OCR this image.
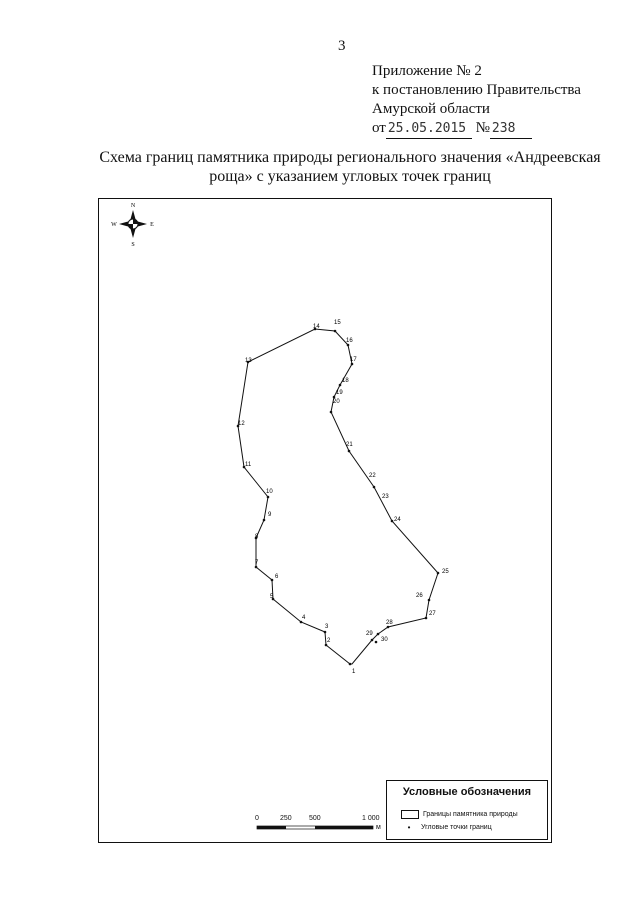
3
Приложение № 2
к постановлению Правительства
Амурской области
от 25.05.2015 № 238
Схема границ памятника природы регионального значения «Андреевская
роща» с указанием угловых точек границ
N
S
W	E
1
2
3
4
5
6
7
8
9
10
11
12
13
14
15
16
17
18
19
20
21
22
23
24
25
26
27
28
29
30
0	250 500	1 000
м
Условные обозначения
Границы памятника природы
•	Угловые точки границ
